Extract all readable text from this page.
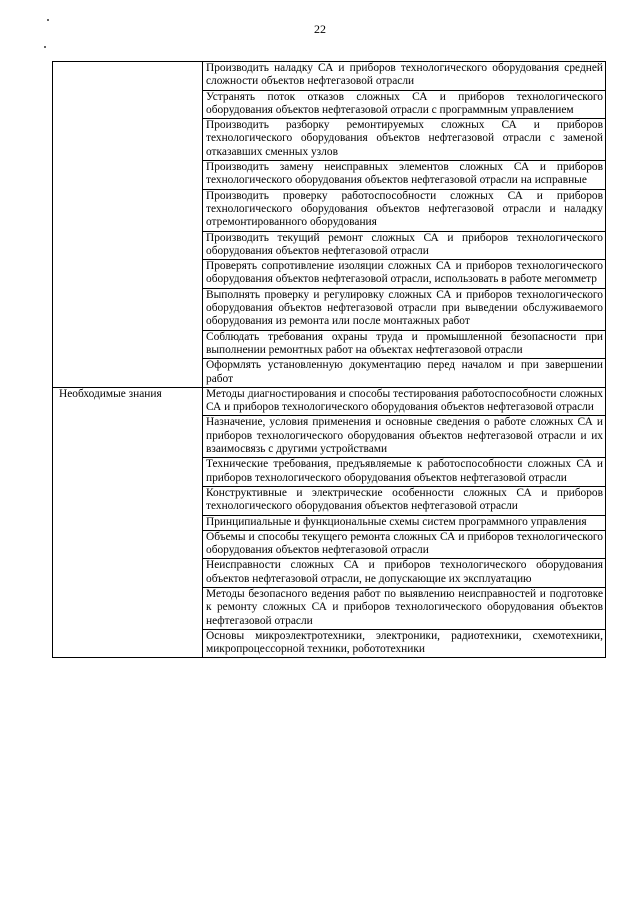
22
	Производить наладку СА и приборов технологического оборудования средней сложности объектов нефтегазовой отрасли
	Устранять поток отказов сложных СА и приборов технологического оборудования объектов нефтегазовой отрасли с программным управлением
	Производить разборку ремонтируемых сложных СА и приборов технологического оборудования объектов нефтегазовой отрасли с заменой отказавших сменных узлов
	Производить замену неисправных элементов сложных СА и приборов технологического оборудования объектов нефтегазовой отрасли на исправные
	Производить проверку работоспособности сложных СА и приборов технологического оборудования объектов нефтегазовой отрасли и наладку отремонтированного оборудования
	Производить текущий ремонт сложных СА и приборов технологического оборудования объектов нефтегазовой отрасли
	Проверять сопротивление изоляции сложных СА и приборов технологического оборудования объектов нефтегазовой отрасли, использовать в работе мегомметр
	Выполнять проверку и регулировку сложных СА и приборов технологического оборудования объектов нефтегазовой отрасли при выведении обслуживаемого оборудования из ремонта или после монтажных работ
	Соблюдать требования охраны труда и промышленной безопасности при выполнении ремонтных работ на объектах нефтегазовой отрасли
	Оформлять установленную документацию перед началом и при завершении работ
Необходимые знания	Методы диагностирования и способы тестирования работоспособности сложных СА и приборов технологического оборудования объектов нефтегазовой отрасли
	Назначение, условия применения и основные сведения о работе сложных СА и приборов технологического оборудования объектов нефтегазовой отрасли и их взаимосвязь с другими устройствами
	Технические требования, предъявляемые к работоспособности сложных СА и приборов технологического оборудования объектов нефтегазовой отрасли
	Конструктивные и электрические особенности сложных СА и приборов технологического оборудования объектов нефтегазовой отрасли
	Принципиальные и функциональные схемы систем программного управления
	Объемы и способы текущего ремонта сложных СА и приборов технологического оборудования объектов нефтегазовой отрасли
	Неисправности сложных СА и приборов технологического оборудования объектов нефтегазовой отрасли, не допускающие их эксплуатацию
	Методы безопасного ведения работ по выявлению неисправностей и подготовке к ремонту сложных СА и приборов технологического оборудования объектов нефтегазовой отрасли
	Основы микроэлектротехники, электроники, радиотехники, схемотехники, микропроцессорной техники, робототехники
